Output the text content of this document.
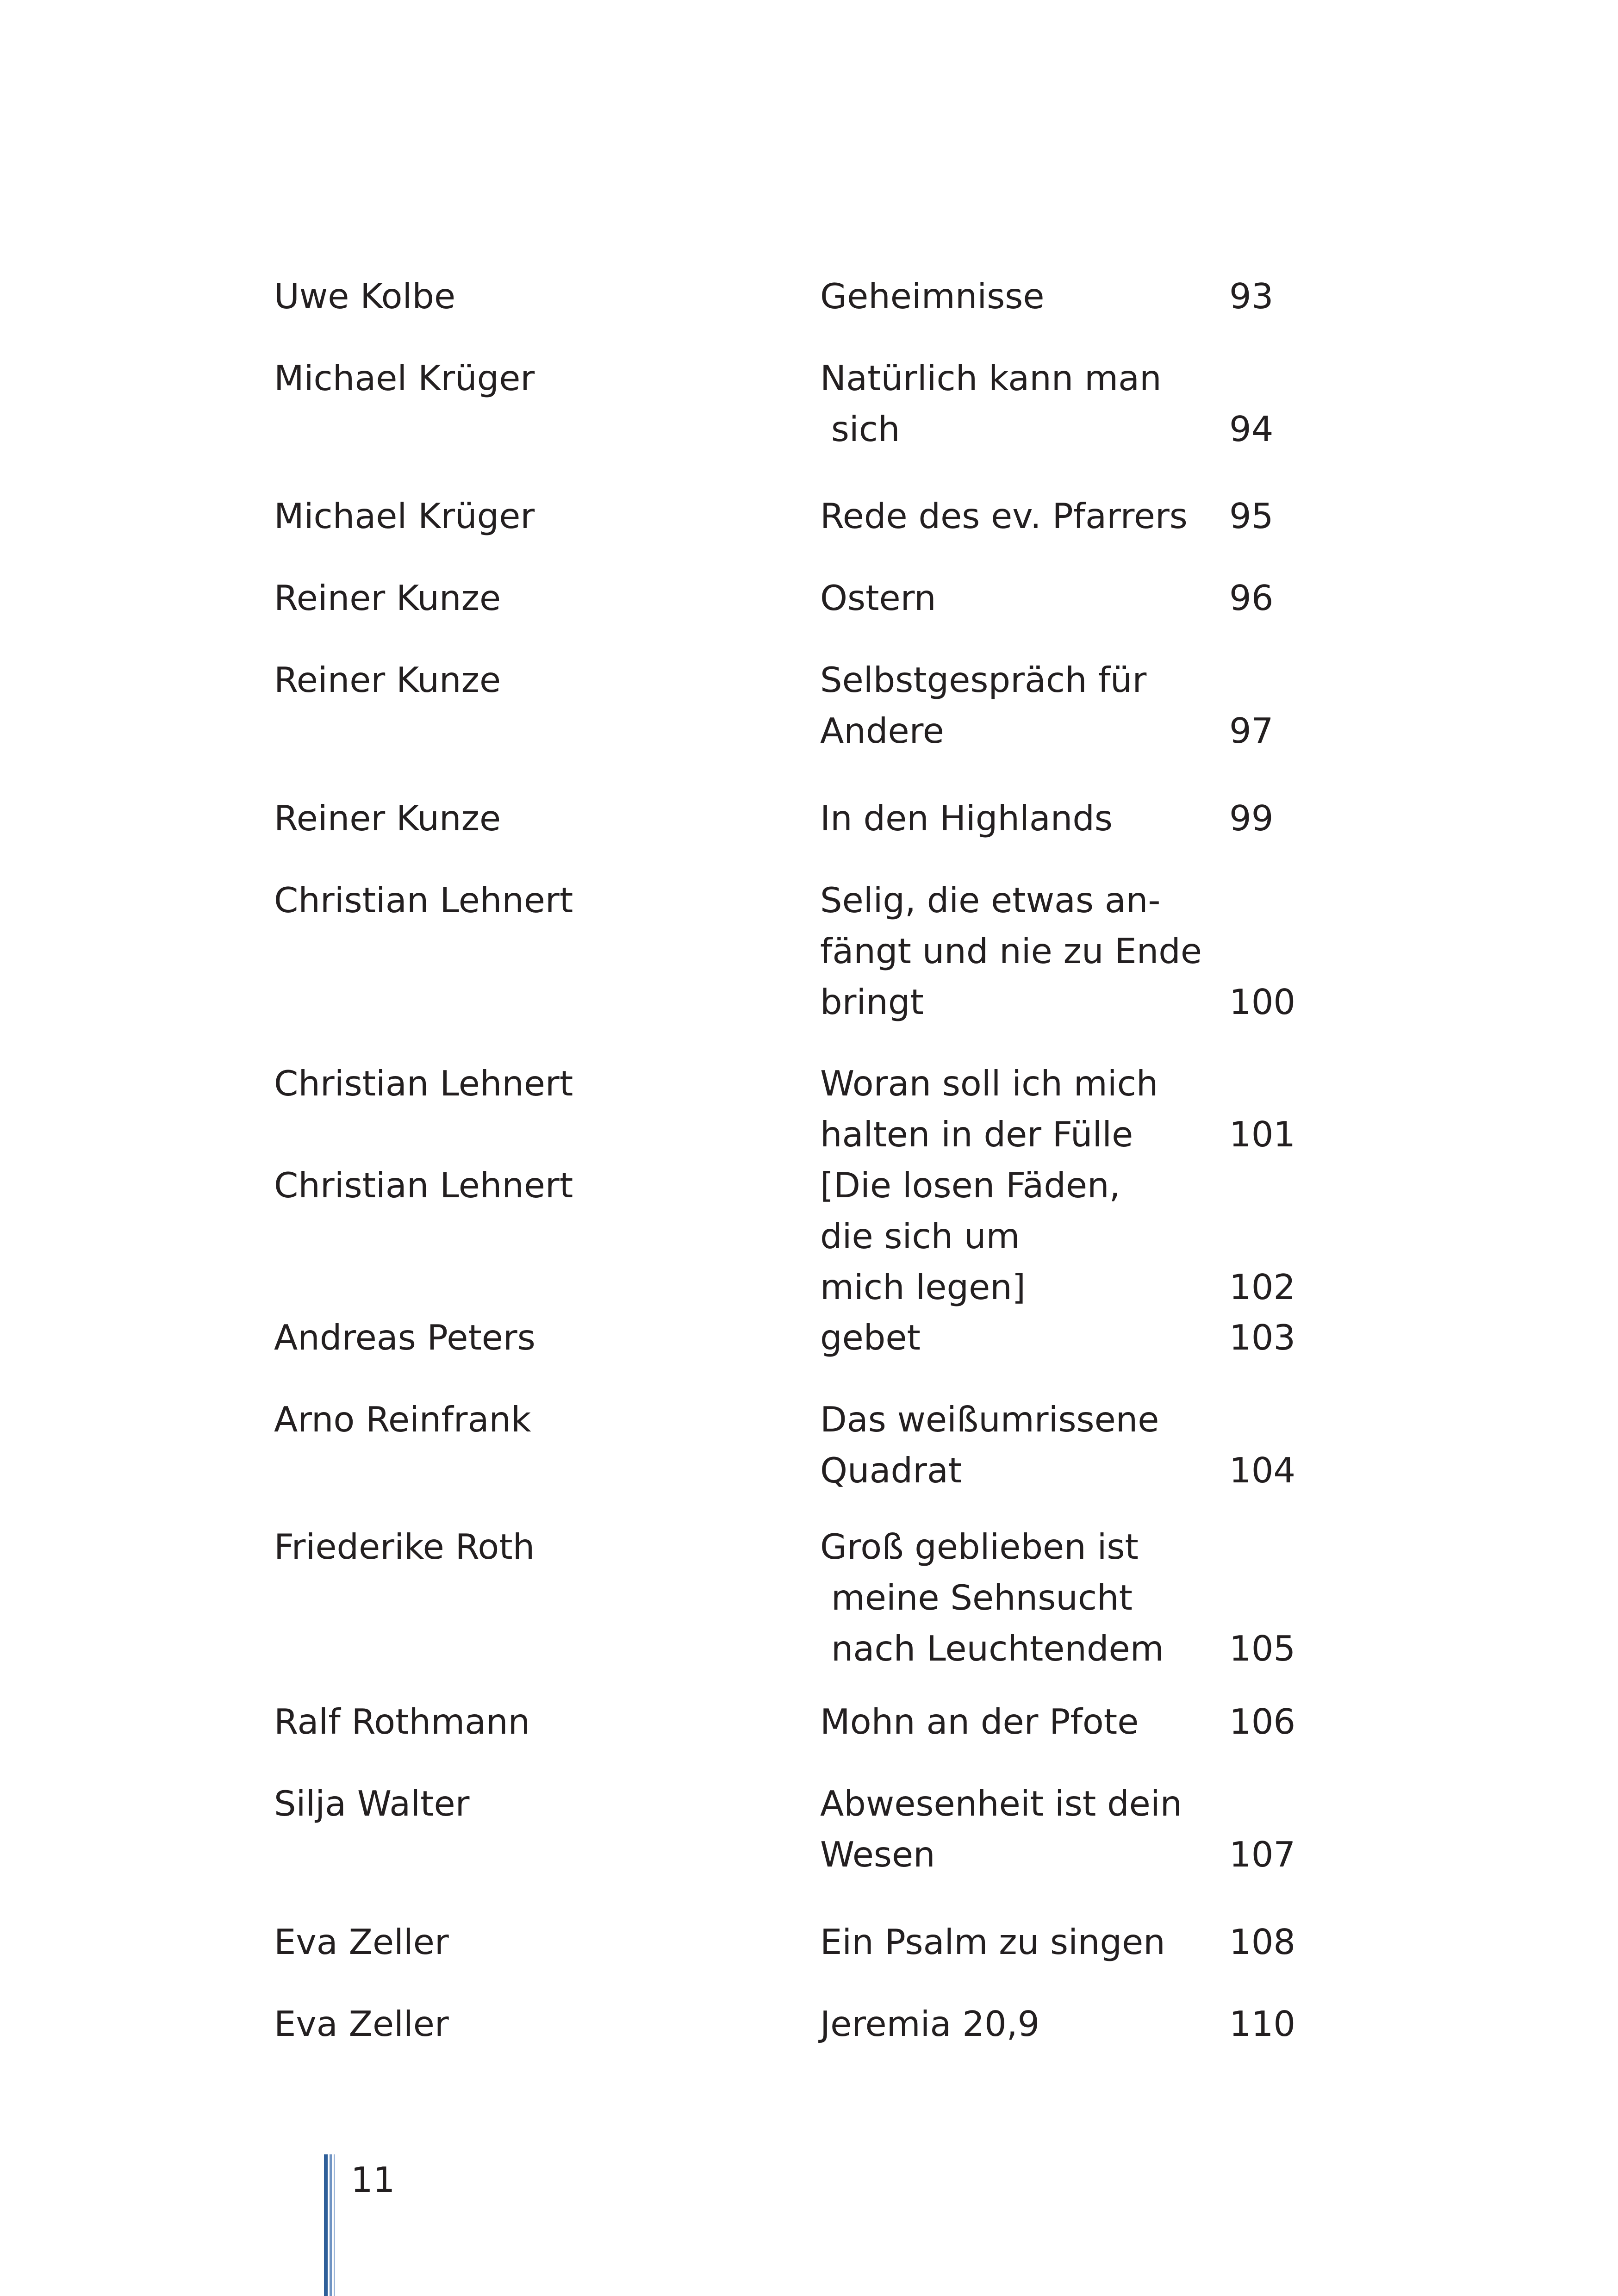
Uwe Kolbe	Geheimnisse	93
Michael Krüger	Natürlich kann man
sich	94
Michael Krüger	Rede des ev. Pfarrers 95
Reiner Kunze	Ostern	96
Reiner Kunze	Selbstgespräch für
Andere	97
Reiner Kunze	In den Highlands	99
Christian Lehnert	Selig, die etwas an-
fängt und nie zu Ende
bringt	100
Christian Lehnert	Woran soll ich mich
halten in der Fülle	101
Christian Lehnert	[Die losen Fäden,
die sich um
mich legen]	102
Andreas Peters	gebet	103
Arno Reinfrank	Das weißumrissene
Quadrat	104
Friederike Roth	Groß geblieben ist
meine Sehnsucht
nach Leuchtendem 105
Ralf Rothmann	Mohn an der Pfote	106
Silja Walter	Abwesenheit ist dein
Wesen	107
Eva Zeller	Ein Psalm zu singen 108
Eva Zeller	Jeremia 20,9	110
11
